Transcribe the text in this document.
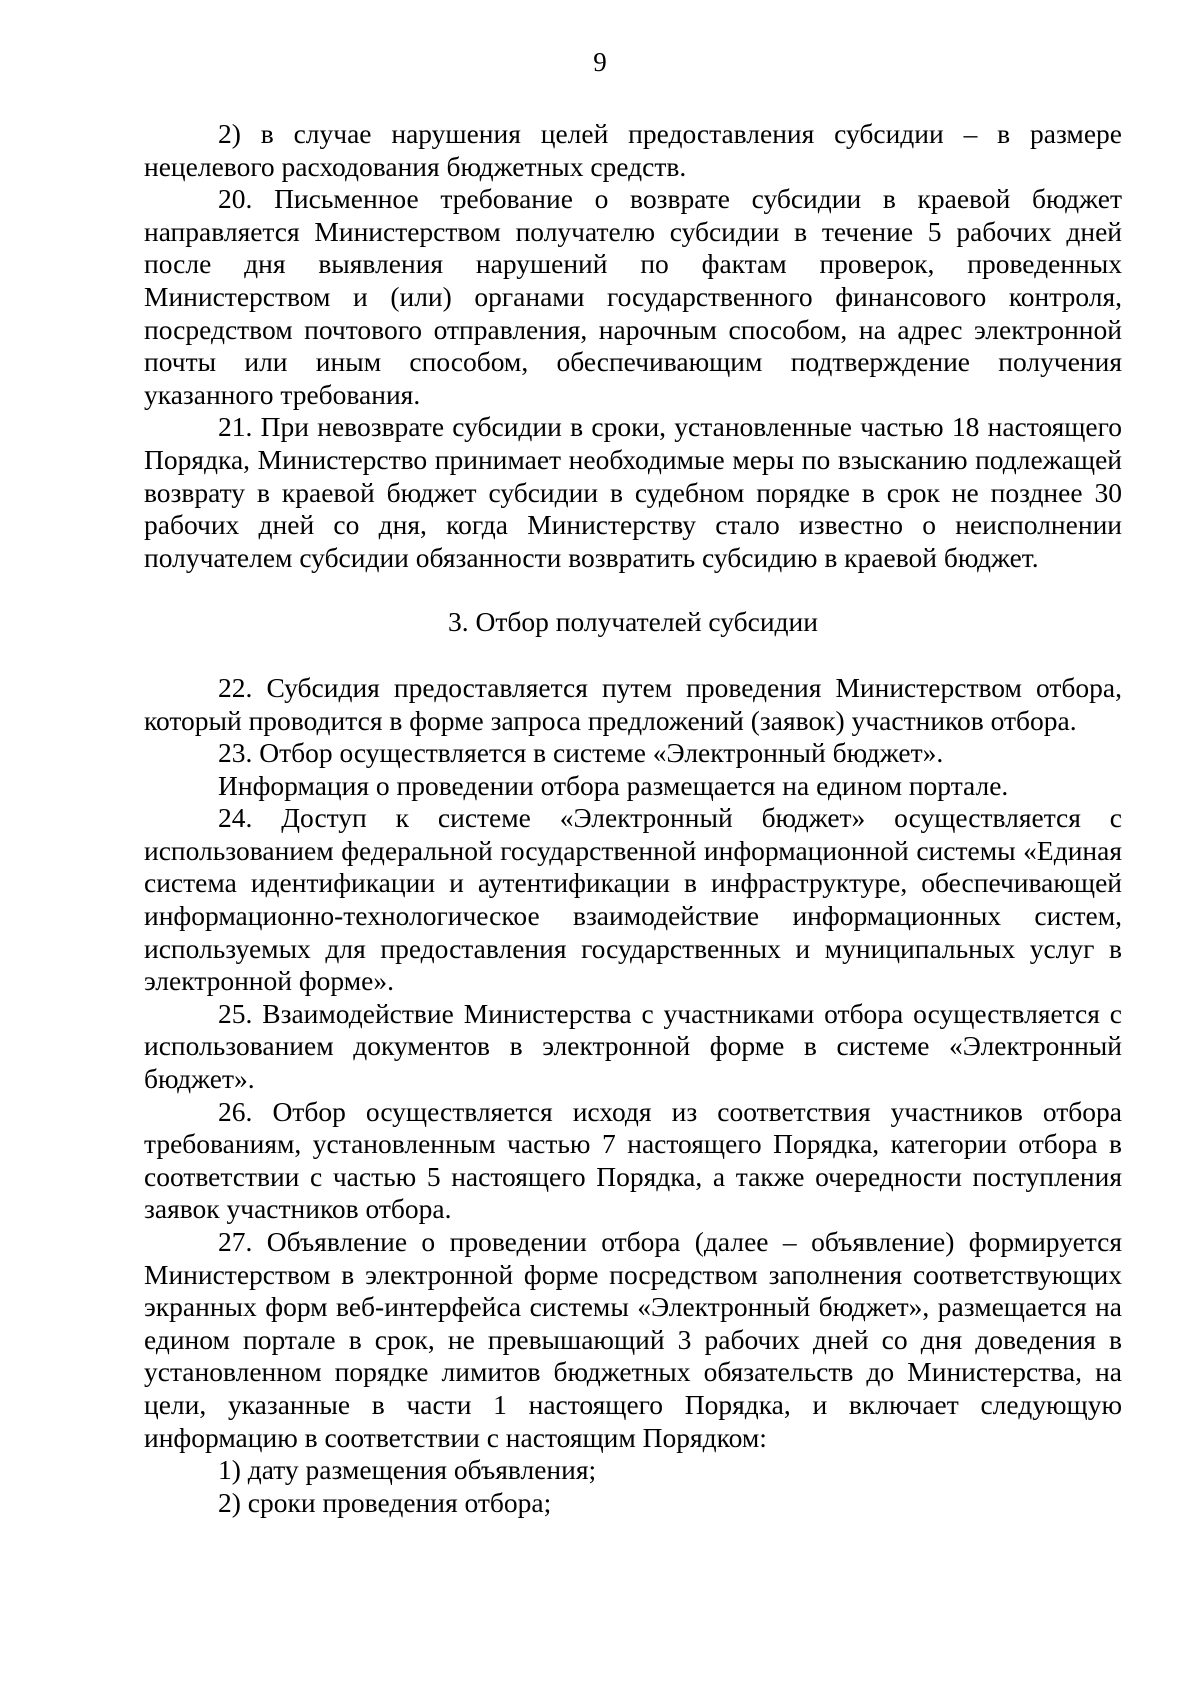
9

2) в случае нарушения целей предоставления субсидии – в размере нецелевого расходования бюджетных средств.

20. Письменное требование о возврате субсидии в краевой бюджет направляется Министерством получателю субсидии в течение 5 рабочих дней после дня выявления нарушений по фактам проверок, проведенных Министерством и (или) органами государственного финансового контроля, посредством почтового отправления, нарочным способом, на адрес электронной почты или иным способом, обеспечивающим подтверждение получения указанного требования.

21. При невозврате субсидии в сроки, установленные частью 18 настоящего Порядка, Министерство принимает необходимые меры по взысканию подлежащей возврату в краевой бюджет субсидии в судебном порядке в срок не позднее 30 рабочих дней со дня, когда Министерству стало известно о неисполнении получателем субсидии обязанности возвратить субсидию в краевой бюджет.

3. Отбор получателей субсидии

22. Субсидия предоставляется путем проведения Министерством отбора, который проводится в форме запроса предложений (заявок) участников отбора.

23. Отбор осуществляется в системе «Электронный бюджет».

Информация о проведении отбора размещается на едином портале.

24. Доступ к системе «Электронный бюджет» осуществляется с использованием федеральной государственной информационной системы «Единая система идентификации и аутентификации в инфраструктуре, обеспечивающей информационно-технологическое взаимодействие информационных систем, используемых для предоставления государственных и муниципальных услуг в электронной форме».

25. Взаимодействие Министерства с участниками отбора осуществляется с использованием документов в электронной форме в системе «Электронный бюджет».

26. Отбор осуществляется исходя из соответствия участников отбора требованиям, установленным частью 7 настоящего Порядка, категории отбора в соответствии с частью 5 настоящего Порядка, а также очередности поступления заявок участников отбора.

27. Объявление о проведении отбора (далее – объявление) формируется Министерством в электронной форме посредством заполнения соответствующих экранных форм веб-интерфейса системы «Электронный бюджет», размещается на едином портале в срок, не превышающий 3 рабочих дней со дня доведения в установленном порядке лимитов бюджетных обязательств до Министерства, на цели, указанные в части 1 настоящего Порядка, и включает следующую информацию в соответствии с настоящим Порядком:

1) дату размещения объявления;

2) сроки проведения отбора;
